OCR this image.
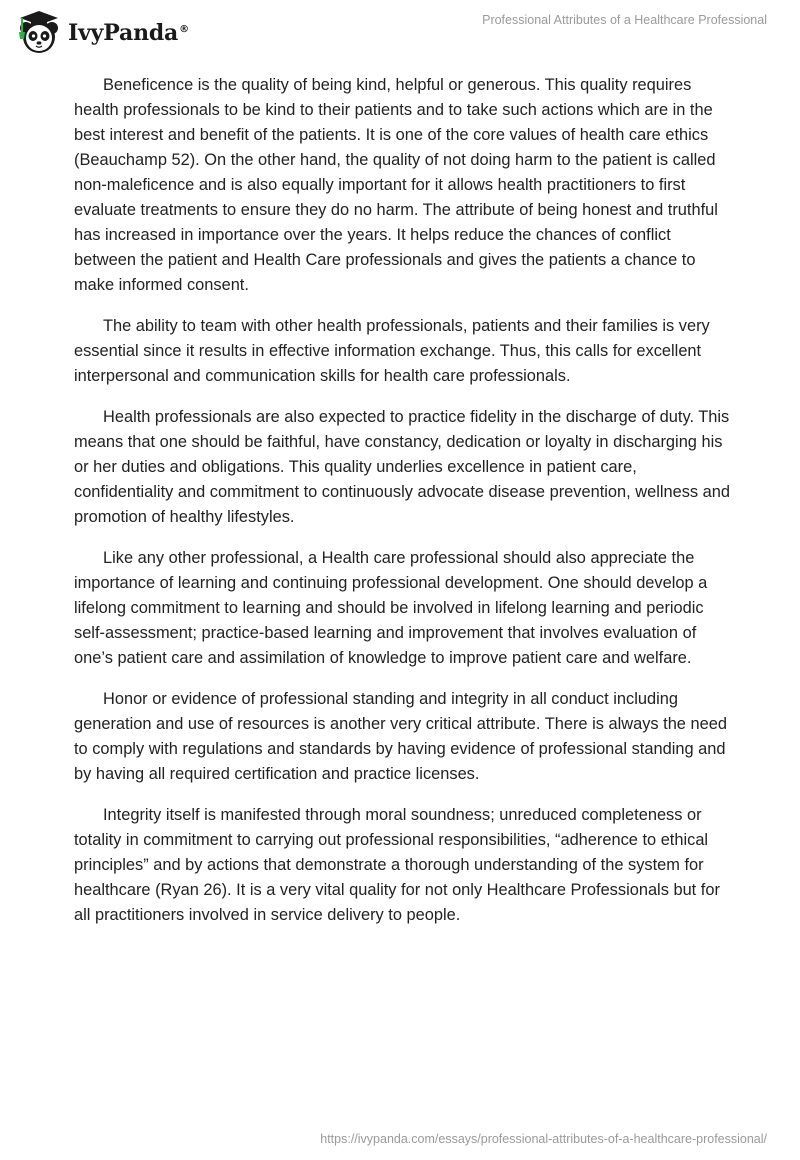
IvyPanda®
Professional Attributes of a Healthcare Professional

Beneficence is the quality of being kind, helpful or generous. This quality requires health professionals to be kind to their patients and to take such actions which are in the best interest and benefit of the patients. It is one of the core values of health care ethics (Beauchamp 52). On the other hand, the quality of not doing harm to the patient is called non-maleficence and is also equally important for it allows health practitioners to first evaluate treatments to ensure they do no harm. The attribute of being honest and truthful has increased in importance over the years. It helps reduce the chances of conflict between the patient and Health Care professionals and gives the patients a chance to make informed consent.

The ability to team with other health professionals, patients and their families is very essential since it results in effective information exchange. Thus, this calls for excellent interpersonal and communication skills for health care professionals.

Health professionals are also expected to practice fidelity in the discharge of duty. This means that one should be faithful, have constancy, dedication or loyalty in discharging his or her duties and obligations. This quality underlies excellence in patient care, confidentiality and commitment to continuously advocate disease prevention, wellness and promotion of healthy lifestyles.

Like any other professional, a Health care professional should also appreciate the importance of learning and continuing professional development. One should develop a lifelong commitment to learning and should be involved in lifelong learning and periodic self-assessment; practice-based learning and improvement that involves evaluation of one’s patient care and assimilation of knowledge to improve patient care and welfare.

Honor or evidence of professional standing and integrity in all conduct including generation and use of resources is another very critical attribute. There is always the need to comply with regulations and standards by having evidence of professional standing and by having all required certification and practice licenses.

Integrity itself is manifested through moral soundness; unreduced completeness or totality in commitment to carrying out professional responsibilities, “adherence to ethical principles” and by actions that demonstrate a thorough understanding of the system for healthcare (Ryan 26). It is a very vital quality for not only Healthcare Professionals but for all practitioners involved in service delivery to people.

https://ivypanda.com/essays/professional-attributes-of-a-healthcare-professional/
